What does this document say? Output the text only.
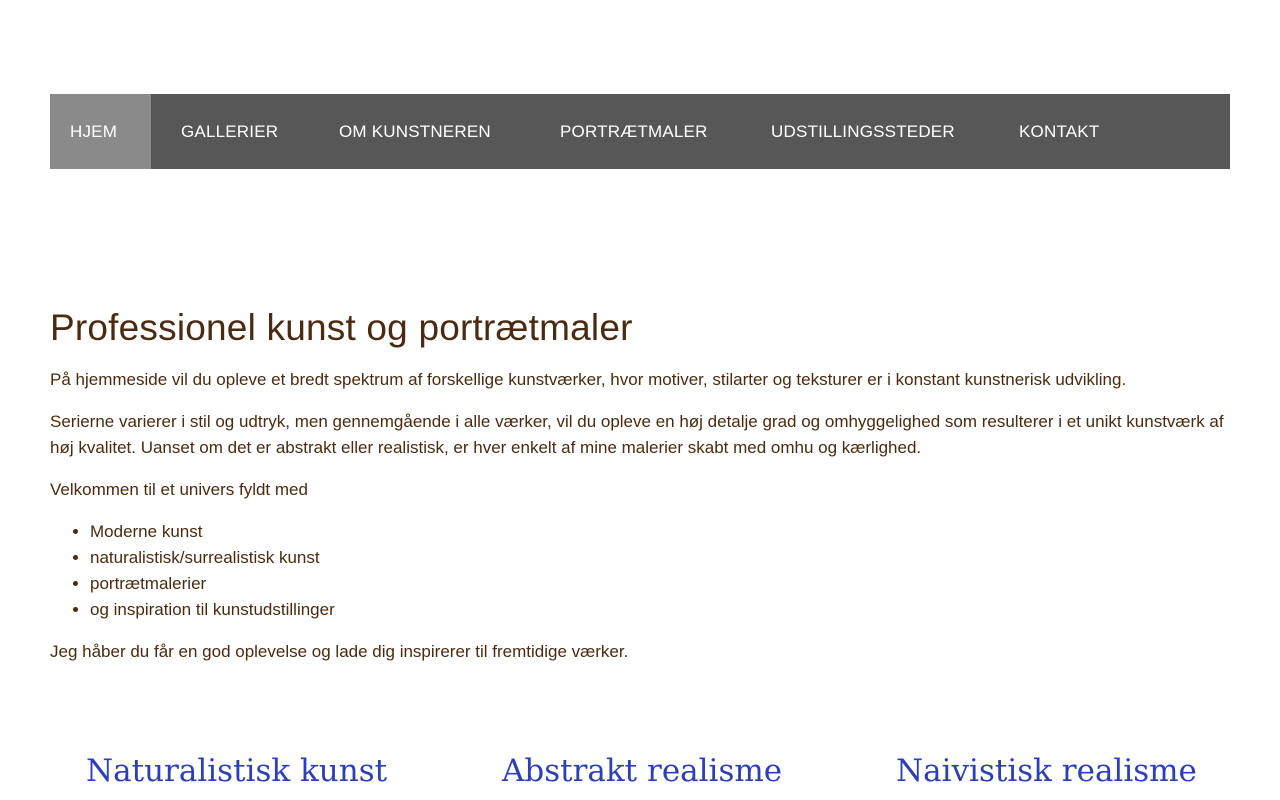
HJEM	GALLERIER	OM KUNSTNEREN	PORTRÆTMALER	UDSTILLINGSSTEDER	KONTAKT
Professionel kunst og portrætmaler

På hjemmeside vil du opleve et bredt spektrum af forskellige kunstværker, hvor motiver, stilarter og teksturer er i konstant kunstnerisk udvikling.

Serierne varierer i stil og udtryk, men gennemgående i alle værker, vil du opleve en høj detalje grad og omhyggelighed som resulterer i et unikt kunstværk af høj kvalitet. Uanset om det er abstrakt eller realistisk, er hver enkelt af mine malerier skabt med omhu og kærlighed.

Velkommen til et univers fyldt med

• Moderne kunst
• naturalistisk/surrealistisk kunst
• portrætmalerier
• og inspiration til kunstudstillinger

Jeg håber du får en god oplevelse og lade dig inspirerer til fremtidige værker.

Naturalistisk kunst	Abstrakt realisme	Naivistisk realisme
